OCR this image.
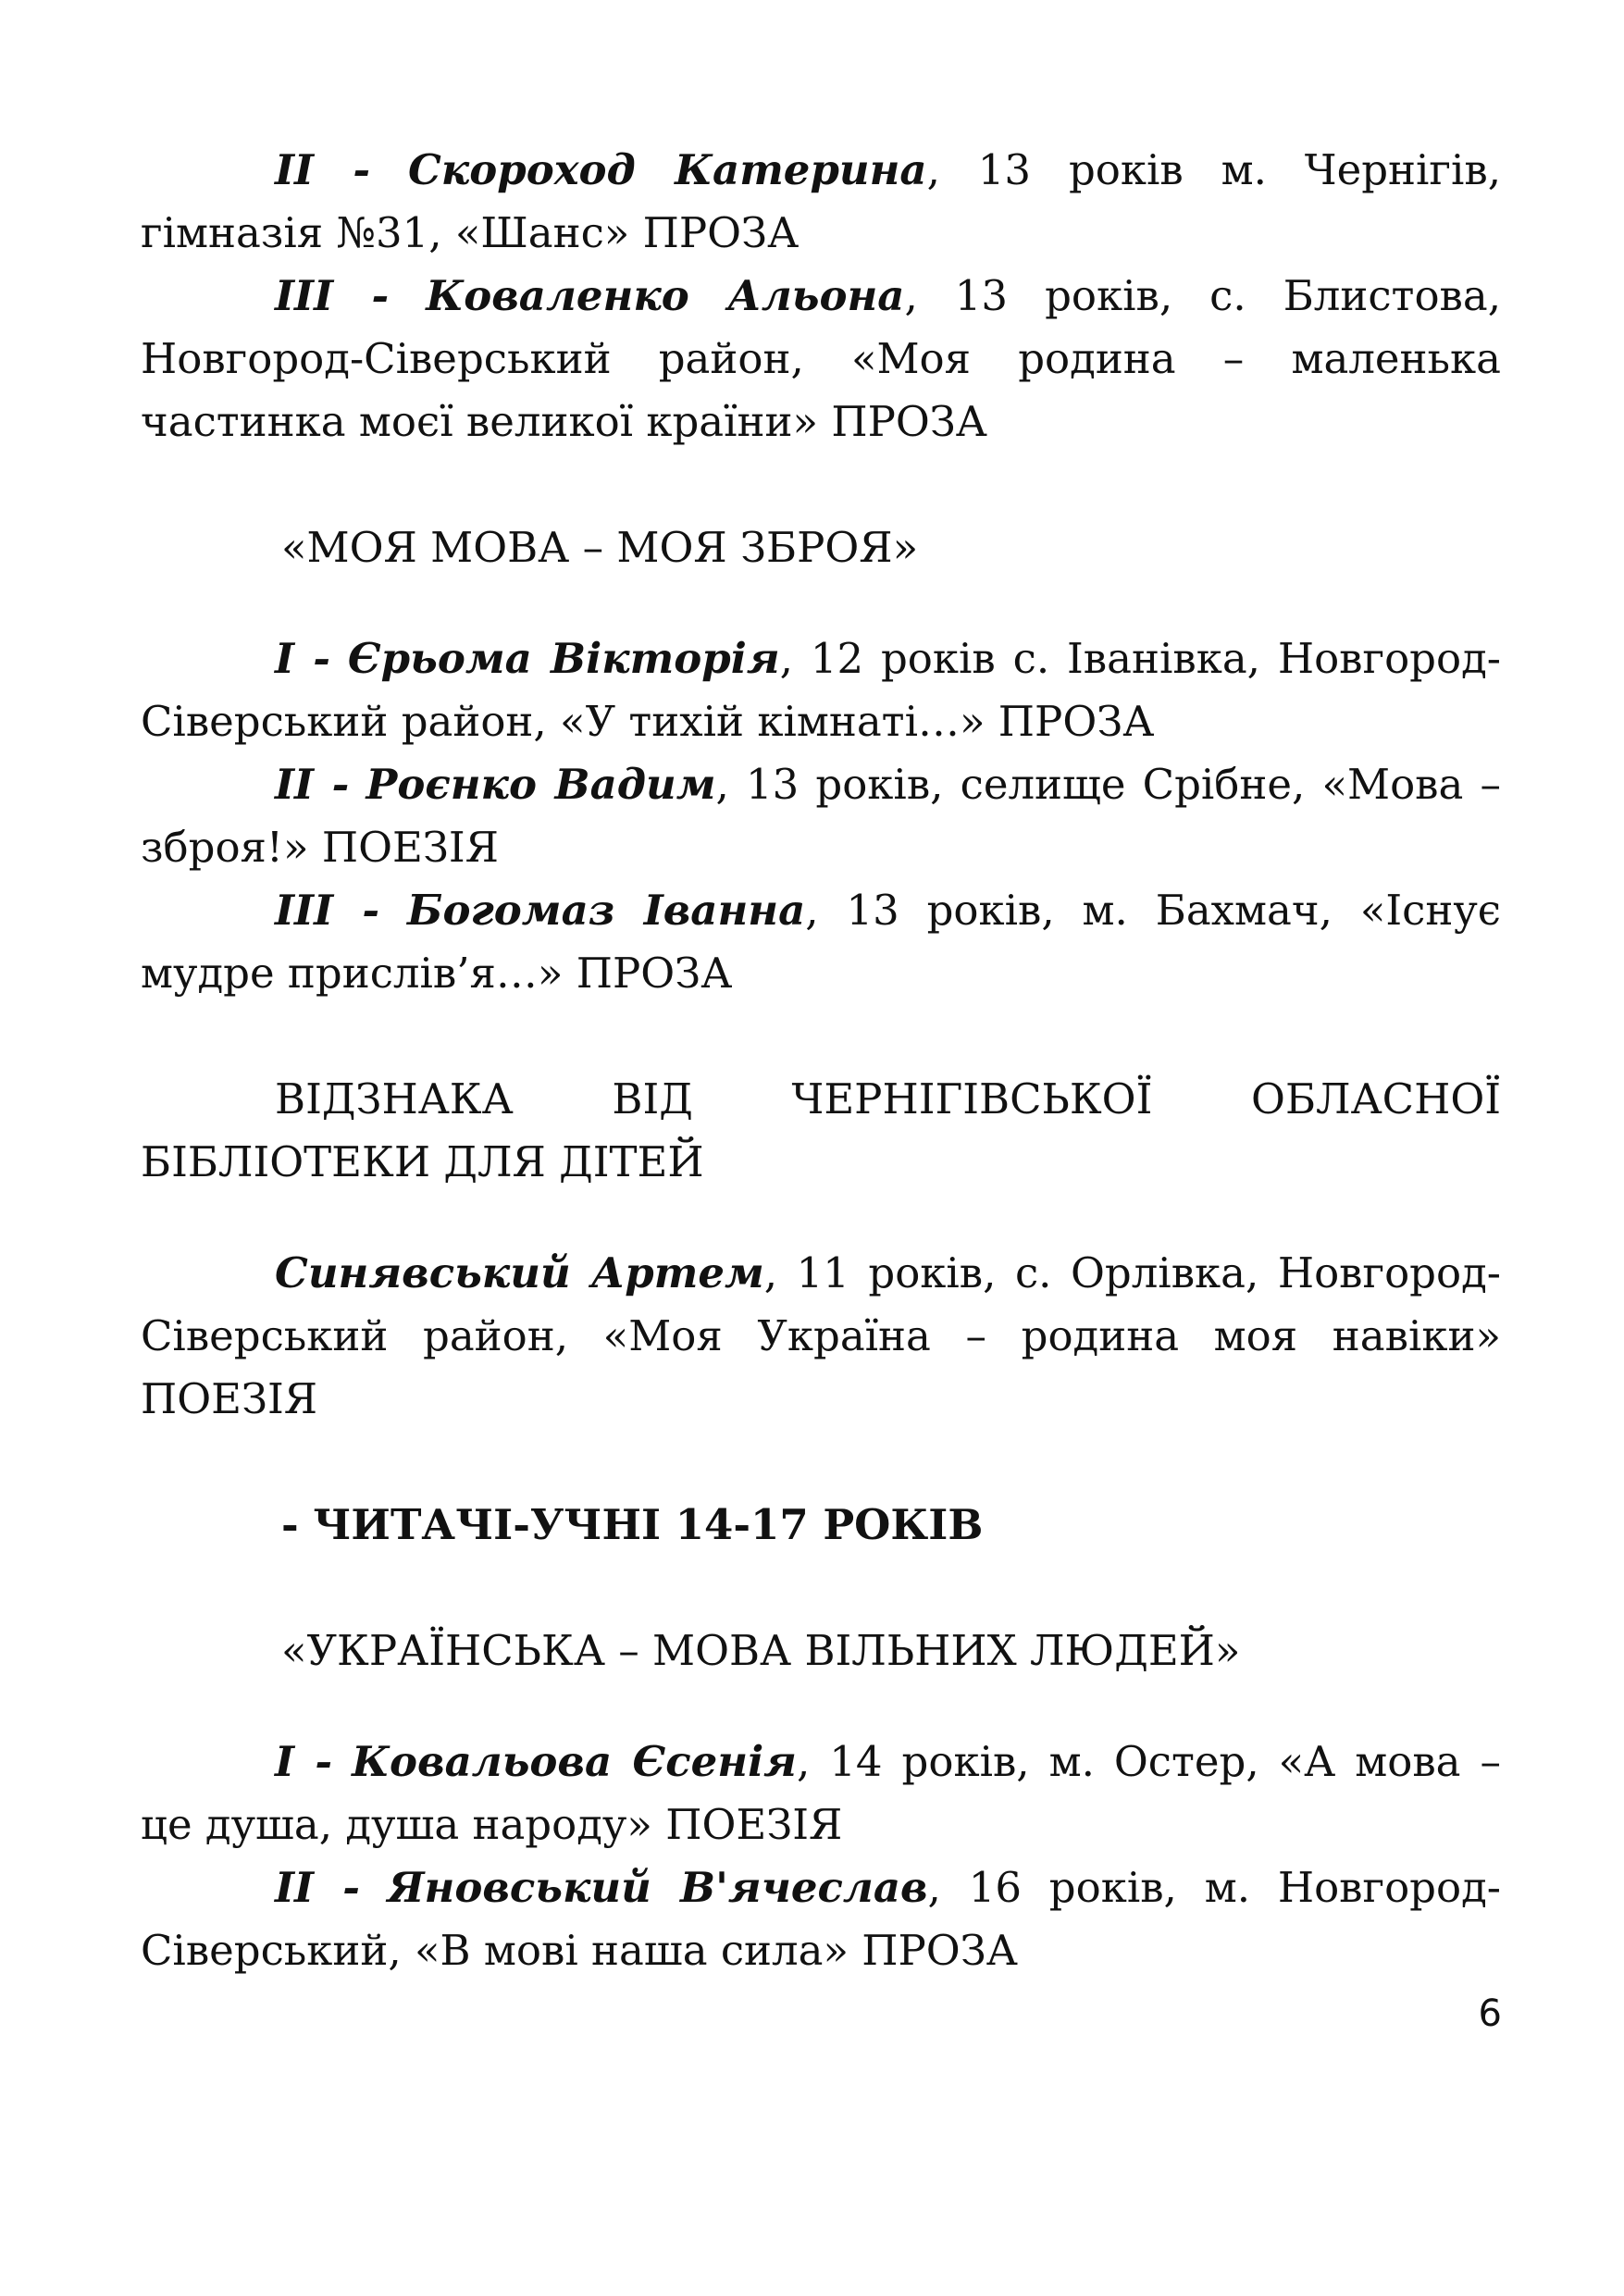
ІІ - Скороход Катерина, 13 років м. Чернігів, гімназія №31, «Шанс» ПРОЗА

ІІІ - Коваленко Альона, 13 років, с. Блистова, Новгород-Сіверський район, «Моя родина – маленька частинка моєї великої країни» ПРОЗА

«МОЯ МОВА – МОЯ ЗБРОЯ»

І - Єрьома Вікторія, 12 років с. Іванівка, Новгород-Сіверський район, «У тихій кімнаті…» ПРОЗА

ІІ - Роєнко Вадим, 13 років, селище Срібне, «Мова – зброя!» ПОЕЗІЯ

ІІІ - Богомаз Іванна, 13 років, м. Бахмач, «Існує мудре прислів’я…» ПРОЗА

ВІДЗНАКА ВІД ЧЕРНІГІВСЬКОЇ ОБЛАСНОЇ БІБЛІОТЕКИ ДЛЯ ДІТЕЙ

Синявський Артем, 11 років, с. Орлівка, Новгород-Сіверський район, «Моя Україна – родина моя навіки» ПОЕЗІЯ

- ЧИТАЧІ-УЧНІ 14-17 РОКІВ

«УКРАЇНСЬКА – МОВА ВІЛЬНИХ ЛЮДЕЙ»

І - Ковальова Єсенія, 14 років, м. Остер, «А мова – це душа, душа народу» ПОЕЗІЯ

ІІ - Яновський В'ячеслав, 16 років, м. Новгород-Сіверський, «В мові наша сила» ПРОЗА

6
